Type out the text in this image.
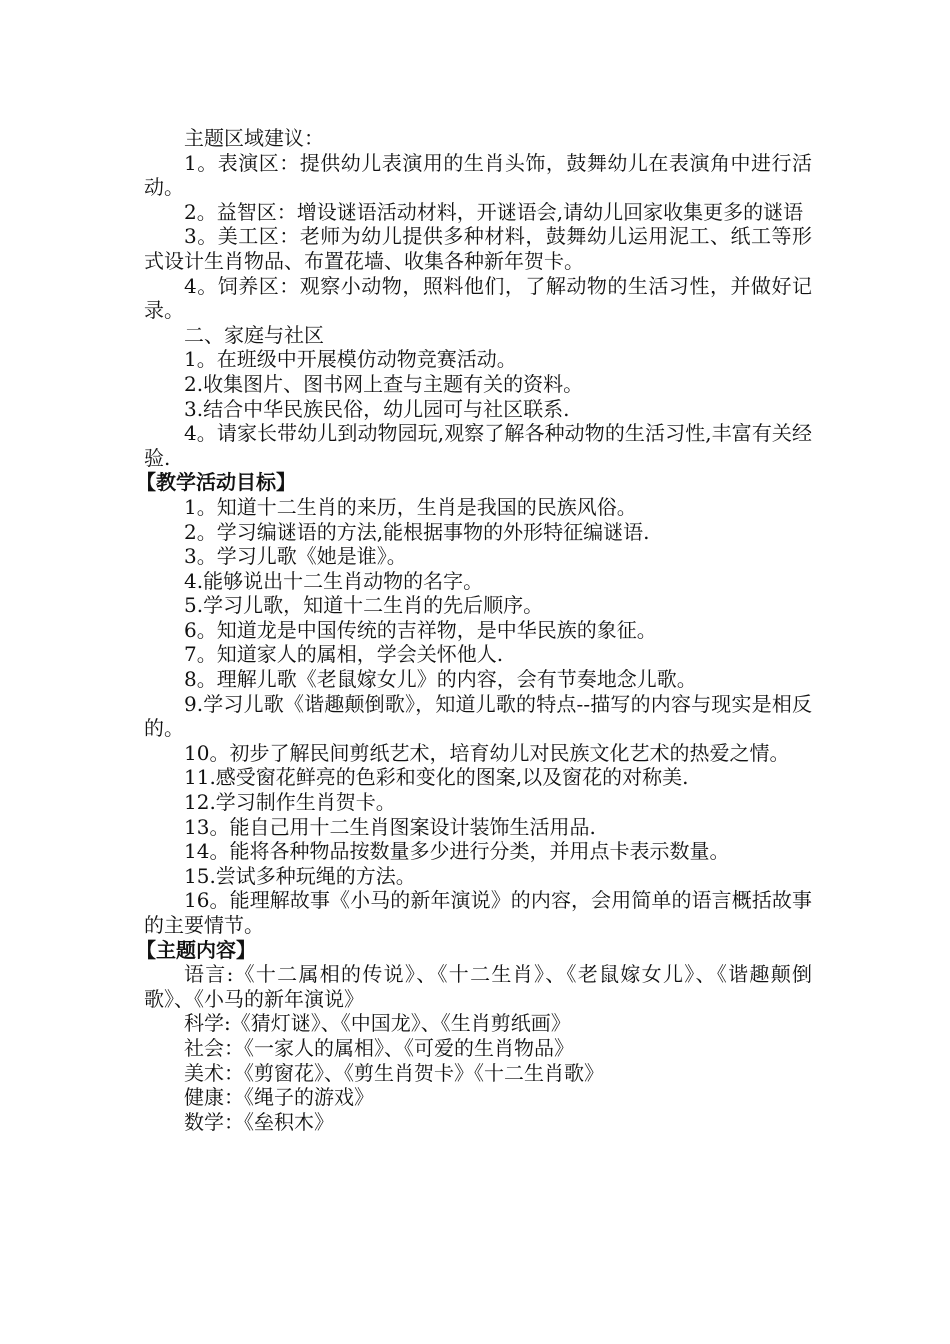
主题区域建议：

1。表演区：提供幼儿表演用的生肖头饰，鼓舞幼儿在表演角中进行活动。

2。益智区：增设谜语活动材料，开谜语会,请幼儿回家收集更多的谜语

3。美工区：老师为幼儿提供多种材料，鼓舞幼儿运用泥工、纸工等形式设计生肖物品、布置花墙、收集各种新年贺卡。

4。饲养区：观察小动物，照料他们，了解动物的生活习性，并做好记录。

二、家庭与社区

1。在班级中开展模仿动物竞赛活动。

2.收集图片、图书网上查与主题有关的资料。

3.结合中华民族民俗，幼儿园可与社区联系.

4。请家长带幼儿到动物园玩,观察了解各种动物的生活习性,丰富有关经验.

【教学活动目标】

1。知道十二生肖的来历，生肖是我国的民族风俗。

2。学习编谜语的方法,能根据事物的外形特征编谜语.

3。学习儿歌《她是谁》。

4.能够说出十二生肖动物的名字。

5.学习儿歌，知道十二生肖的先后顺序。

6。知道龙是中国传统的吉祥物，是中华民族的象征。

7。知道家人的属相，学会关怀他人.

8。理解儿歌《老鼠嫁女儿》的内容，会有节奏地念儿歌。

9.学习儿歌《谐趣颠倒歌》，知道儿歌的特点--描写的内容与现实是相反的。

10。初步了解民间剪纸艺术，培育幼儿对民族文化艺术的热爱之情。

11.感受窗花鲜亮的色彩和变化的图案,以及窗花的对称美.

12.学习制作生肖贺卡。

13。能自己用十二生肖图案设计装饰生活用品.

14。能将各种物品按数量多少进行分类，并用点卡表示数量。

15.尝试多种玩绳的方法。

16。能理解故事《小马的新年演说》的内容，会用简单的语言概括故事的主要情节。

【主题内容】

语言:《十二属相的传说》、《十二生肖》、《老鼠嫁女儿》、《谐趣颠倒歌》、《小马的新年演说》

科学:《猜灯谜》、《中国龙》、《生肖剪纸画》

社会：《一家人的属相》、《可爱的生肖物品》

美术：《剪窗花》、《剪生肖贺卡》《十二生肖歌》

健康：《绳子的游戏》

数学：《垒积木》
